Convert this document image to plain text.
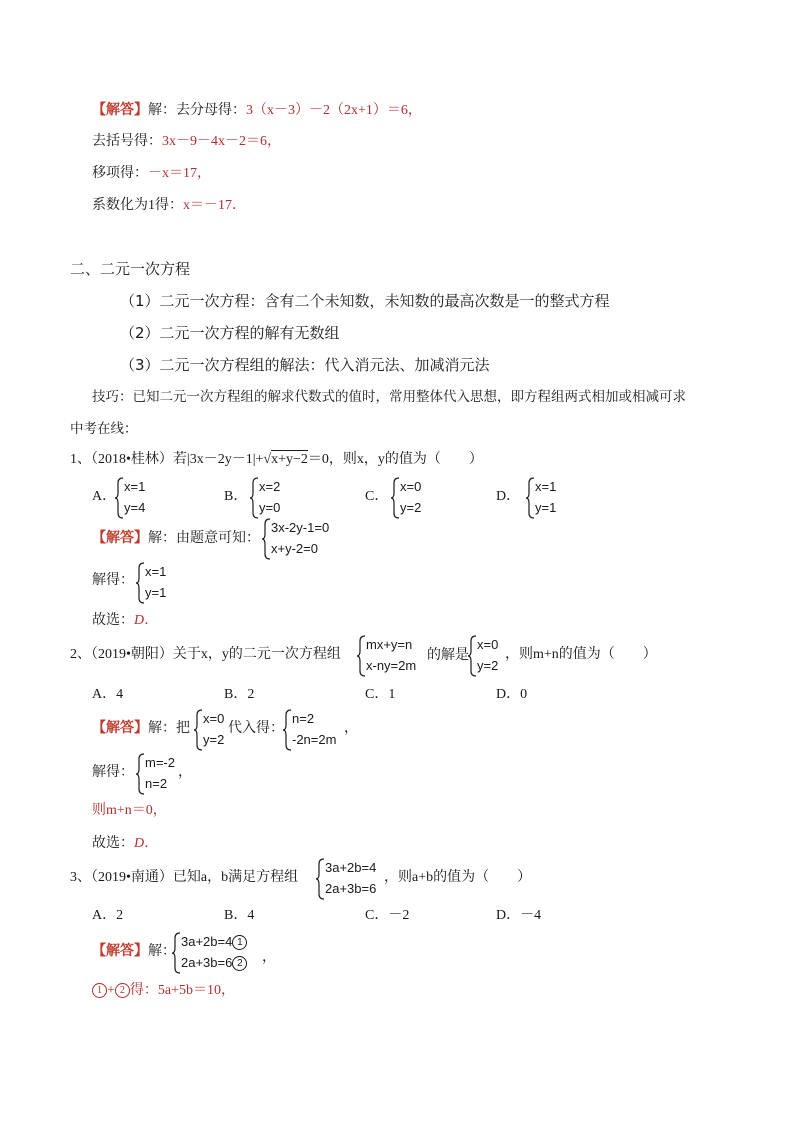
【解答】解：去分母得：3（x－3）－2（2x+1）＝6，
去括号得：3x－9－4x－2＝6，
移项得：－x＝17，
系数化为1得：x＝－17．
二、二元一次方程
（1）二元一次方程：含有二个未知数，未知数的最高次数是一的整式方程
（2）二元一次方程的解有无数组
（3）二元一次方程组的解法：代入消元法、加减消元法
技巧：已知二元一次方程组的解求代数式的值时，常用整体代入思想，即方程组两式相加或相减可求
中考在线：
1、（2018•桂林）若|3x－2y－1|+√x+y−2＝0，则x，y的值为（　　）
A．
x=1
y=4
B．
x=2
y=0
C．
x=0
y=2
D．
x=1
y=1
【解答】解：由题意可知：
3x-2y-1=0
x+y-2=0
解得：
x=1
y=1
故选：D．
2、（2019•朝阳）关于x，y的二元一次方程组
mx+y=n
x-ny=2m
的解是
x=0
y=2
，则m+n的值为（　　）
A．4	B．2	C．1	D．0
【解答】解：把
x=0
y=2
代入得：
n=2
-2n=2m
，
解得：
m=-2
n=2
，
则m+n＝0，
故选：D．
3、（2019•南通）已知a，b满足方程组
3a+2b=4
2a+3b=6
，则a+b的值为（　　）
A．2	B．4	C．－2	D．－4
【解答】解：
3a+2b=4 1
2a+3b=6 2	，
1 + 2 得：5a+5b＝10，
